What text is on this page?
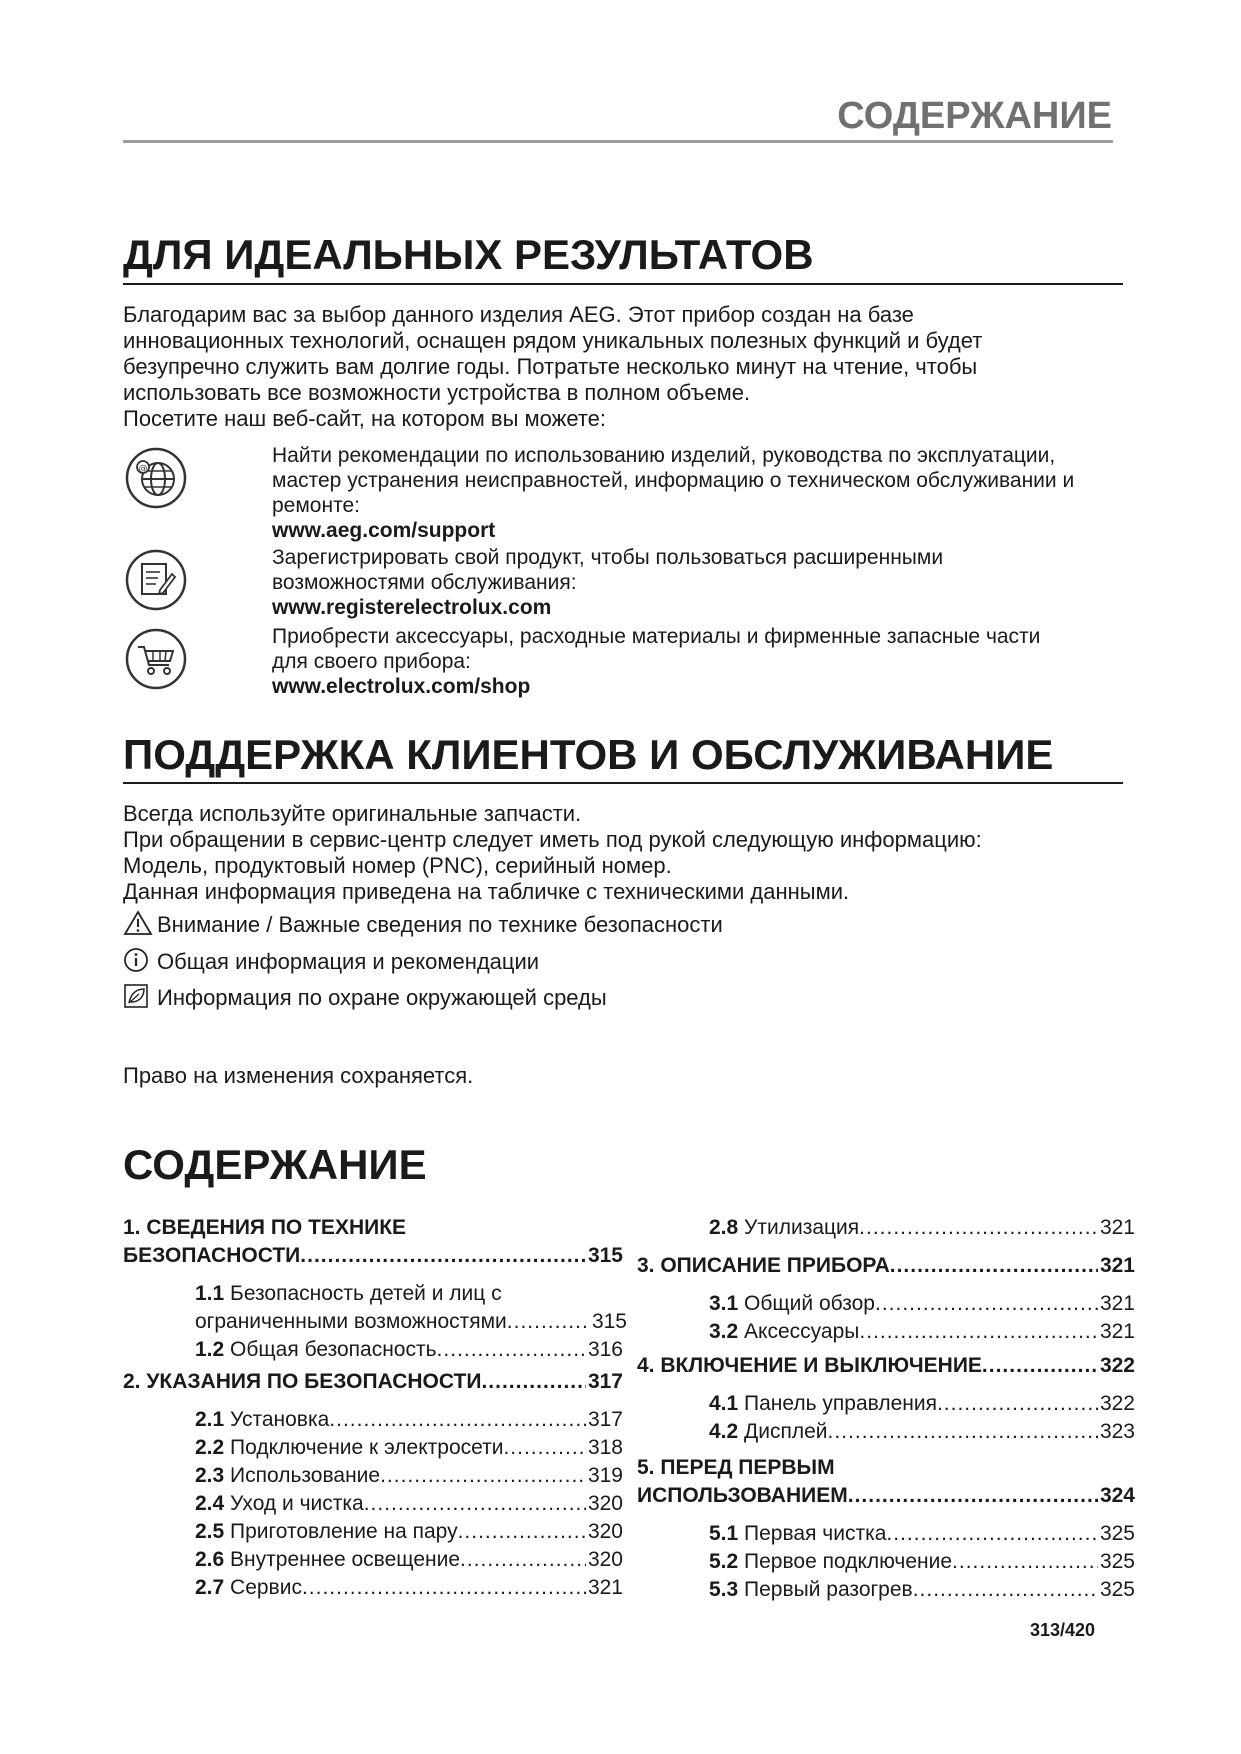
СОДЕРЖАНИЕ
ДЛЯ ИДЕАЛЬНЫХ РЕЗУЛЬТАТОВ
Благодарим вас за выбор данного изделия AEG. Этот прибор создан на базе
инновационных технологий, оснащен рядом уникальных полезных функций и будет
безупречно служить вам долгие годы. Потратьте несколько минут на чтение, чтобы
использовать все возможности устройства в полном объеме.
Посетите наш веб-сайт, на котором вы можете:
@
Найти рекомендации по использованию изделий, руководства по эксплуатации,
мастер устранения неисправностей, информацию о техническом обслуживании и
ремонте:
www.aeg.com/support
Зарегистрировать свой продукт, чтобы пользоваться расширенными
возможностями обслуживания:
www.registerelectrolux.com
Приобрести аксессуары, расходные материалы и фирменные запасные части
для своего прибора:
www.electrolux.com/shop
ПОДДЕРЖКА КЛИЕНТОВ И ОБСЛУЖИВАНИЕ
Всегда используйте оригинальные запчасти.
При обращении в сервис-центр следует иметь под рукой следующую информацию:
Модель, продуктовый номер (PNC), серийный номер.
Данная информация приведена на табличке с техническими данными.
Внимание / Важные сведения по технике безопасности
Общая информация и рекомендации
Информация по охране окружающей среды
Право на изменения сохраняется.
СОДЕРЖАНИЕ
1. СВЕДЕНИЯ ПО ТЕХНИКЕ
БЕЗОПАСНОСТИ .....	315
1.1 Безопасность детей и лиц с
ограниченными возможностями .....	315
1.2 Общая безопасность .....	316
2. УКАЗАНИЯ ПО БЕЗОПАСНОСТИ .....	317
2.1 Установка .....	317
2.2 Подключение к электросети .....	318
2.3 Использование .....	319
2.4 Уход и чистка .....	320
2.5 Приготовление на пару .....	320
2.6 Внутреннее освещение .....	320
2.7 Сервис .....	321
2.8 Утилизация .....	321
3. ОПИСАНИЕ ПРИБОРА .....	321
3.1 Общий обзор .....	321
3.2 Аксессуары .....	321
4. ВКЛЮЧЕНИЕ И ВЫКЛЮЧЕНИЕ .....	322
4.1 Панель управления .....	322
4.2 Дисплей .....	323
5. ПЕРЕД ПЕРВЫМ
ИСПОЛЬЗОВАНИЕМ .....	324
5.1 Первая чистка .....	325
5.2 Первое подключение .....	325
5.3 Первый разогрев .....	325
313/420
